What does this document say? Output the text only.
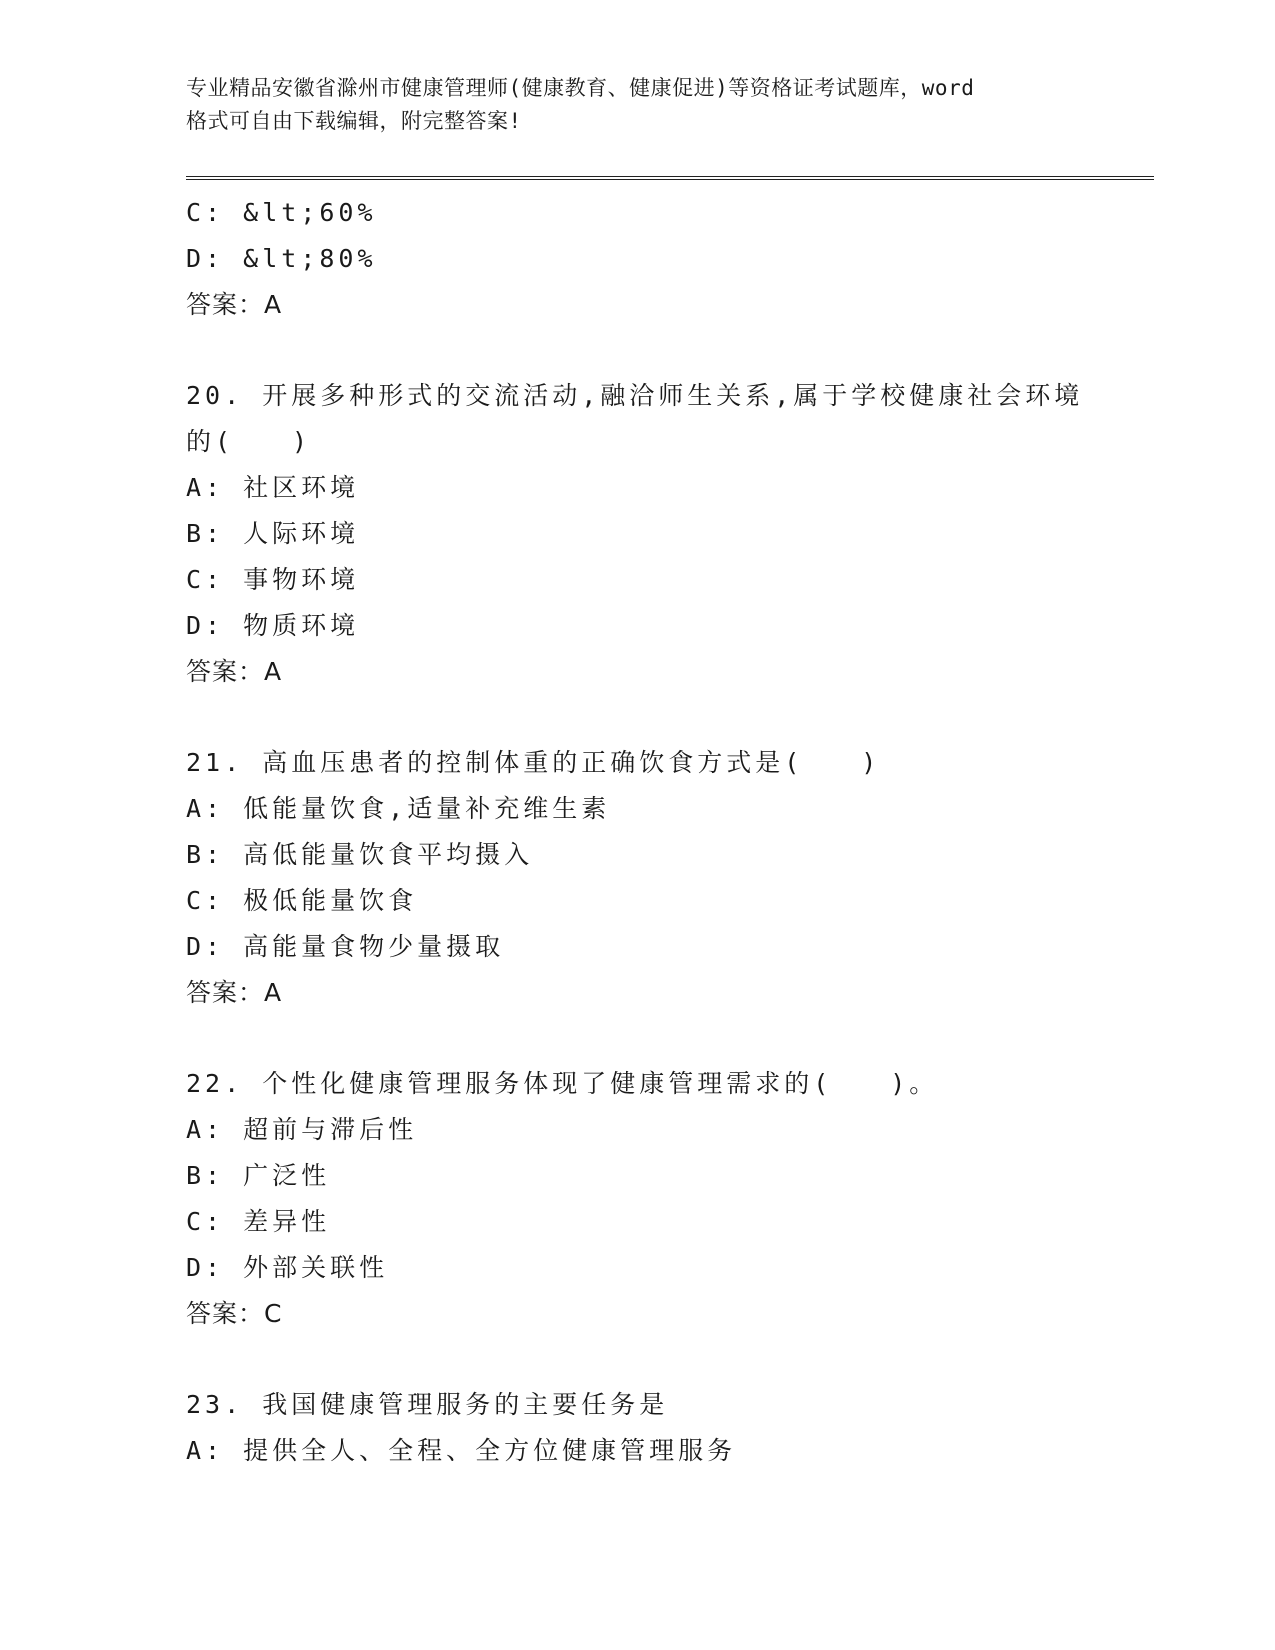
专业精品安徽省滁州市健康管理师(健康教育、健康促进)等资格证考试题库，word
格式可自由下载编辑，附完整答案!
C: &lt;60%
D: &lt;80%
答案：A
20. 开展多种形式的交流活动,融洽师生关系,属于学校健康社会环境
的(　　)
A: 社区环境
B: 人际环境
C: 事物环境
D: 物质环境
答案：A
21. 高血压患者的控制体重的正确饮食方式是(　　)
A: 低能量饮食,适量补充维生素
B: 高低能量饮食平均摄入
C: 极低能量饮食
D: 高能量食物少量摄取
答案：A
22. 个性化健康管理服务体现了健康管理需求的(　　)。
A: 超前与滞后性
B: 广泛性
C: 差异性
D: 外部关联性
答案：C
23. 我国健康管理服务的主要任务是
A: 提供全人、全程、全方位健康管理服务
